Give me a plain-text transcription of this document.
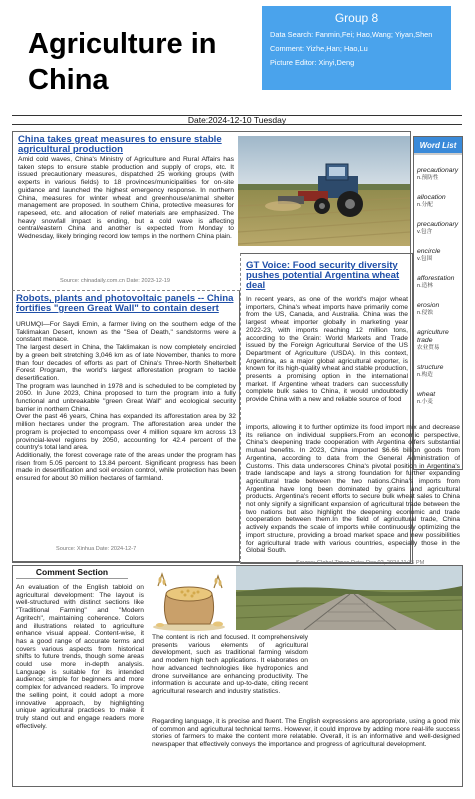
Agriculture in China
Group 8
Data Search: Fanmin,Fei; Hao,Wang; Yiyan,Shen
Comment: Yizhe,Han; Hao,Lu
Picture Editor: Xinyi,Deng
Date:2024-12-10 Tuesday
China takes great measures to ensure stable agricultural production

Amid cold waves, China's Ministry of Agriculture and Rural Affairs has taken steps to ensure stable production and supply of crops, etc. It issued precautionary measures, dispatched 25 working groups (with experts in various fields) to 18 provinces/municipalities for on-site guidance and launched the highest emergency response. In northern China, measures for winter wheat and greenhouse/animal shelter management are proposed. In southern China, protective measures for rapeseed, etc. and allocation of relief materials are emphasized. The heavy snowfall impact is ending, but a cold wave is affecting central/eastern China and another is expected from Monday to Wednesday, likely bringing record low temps in the northern China plain.

Source: chinadaily.com.cn Date: 2023-12-19
Robots, plants and photovoltaic panels -- China fortifies "green Great Wall" to contain desert

URUMQI—For Saydi Emin, a farmer living on the southern edge of the Taklimakan Desert, known as the "Sea of Death," sandstorms were a constant menace.

The largest desert in China, the Taklimakan is now completely encircled by a green belt stretching 3,046 km as of late November, thanks to more than four decades of efforts as part of China's Three-North Shelterbelt Forest Program, the world's largest afforestation program to tackle desertification.

The program was launched in 1978 and is scheduled to be completed by 2050. In June 2023, China proposed to turn the program into a fully functional and unbreakable "green Great Wall" and ecological security barrier in northern China.

Over the past 46 years, China has expanded its afforestation area by 32 million hectares under the program. The afforestation area under the program is projected to encompass over 4 million square km across 13 provincial-level regions by 2050, accounting for 42.4 percent of the country's total land area.

Additionally, the forest coverage rate of the areas under the program has risen from 5.05 percent to 13.84 percent. Significant progress has been made in desertification and soil erosion control, while protection has been ensured for about 30 million hectares of farmland.

Source: Xinhua Date: 2024-12-7
GT Voice: Food security diversity pushes potential Argentina wheat deal

In recent years, as one of the world's major wheat importers, China's wheat imports have primarily come from the US, Canada, and Australia. China was the largest wheat importer globally in marketing year 2022-23, with imports reaching 12 million tons, according to the Grain: World Markets and Trade issued by the Foreign Agricultural Service of the US Department of Agriculture (USDA). In this context, Argentina, as a major global agricultural exporter, is known for its high-quality wheat and stable production, presents a promising option in the international market. If Argentine wheat traders can successfully complete bulk sales to China, it would undoubtedly provide China with a new and reliable source of food

imports, allowing it to further optimize its food import mix and decrease its reliance on individual suppliers.From an economic perspective, China's deepening trade cooperation with Argentina offers substantial mutual benefits. In 2023, China imported $6.66 billion goods from Argentina, according to data from the General Administration of Customs. This data underscores China's pivotal position in Argentina's trade landscape and lays a strong foundation for further expanding agricultural trade between the two nations.China's imports from Argentina have long been dominated by grains and agricultural products. Argentina's recent efforts to secure bulk wheat sales to China not only signify a significant expansion of agricultural trade between the two nations but also highlight the deepening economic and trade cooperation between them.In the field of agricultural trade, China actively expands the scale of imports while continuously optimizing the import structure, providing a broad market space and new possibilities for agricultural trade with various countries, especially those in the Global South.

Source: Global Times Date: Dec 02, 2024 11:35 PM
Word List
precautionary
n.预防性
allocation
n.分配
precautionary
v.包含
encircle
v.包围
afforestation
n.造林
erosion
n.侵蚀
agriculture trade
农业贸易
structure
n.构造
wheat
n.小麦
Comment Section
An evaluation of the English tabloid on agricultural development: The layout is well-structured with distinct sections like "Traditional Farming" and "Modern Agritech", maintaining coherence. Colors and illustrations related to agriculture enhance visual appeal. Content-wise, it has a good range of accurate terms and covers various aspects from historical shifts to future trends, though some areas could use more in-depth analysis. Language is suitable for its intended audience; simple for beginners and more complex for advanced readers. To improve the selling point, it could adopt a more innovative approach, by highlighting unique agricultural practices to make it truly stand out and engage readers more effectively.
The content is rich and focused. It comprehensively presents various elements of agricultural development, such as traditional farming wisdom and modern high tech applications. It elaborates on how advanced technologies like hydroponics and drone surveillance are enhancing productivity. The information is accurate and up-to-date, citing recent agricultural research and industry statistics.
Regarding language, it is precise and fluent. The English expressions are appropriate, using a good mix of common and agricultural technical terms. However, it could improve by adding more real-life success stories of farmers to make the content more relatable. Overall, it is an informative and well-designed newspaper that effectively conveys the importance and progress of agricultural development.
